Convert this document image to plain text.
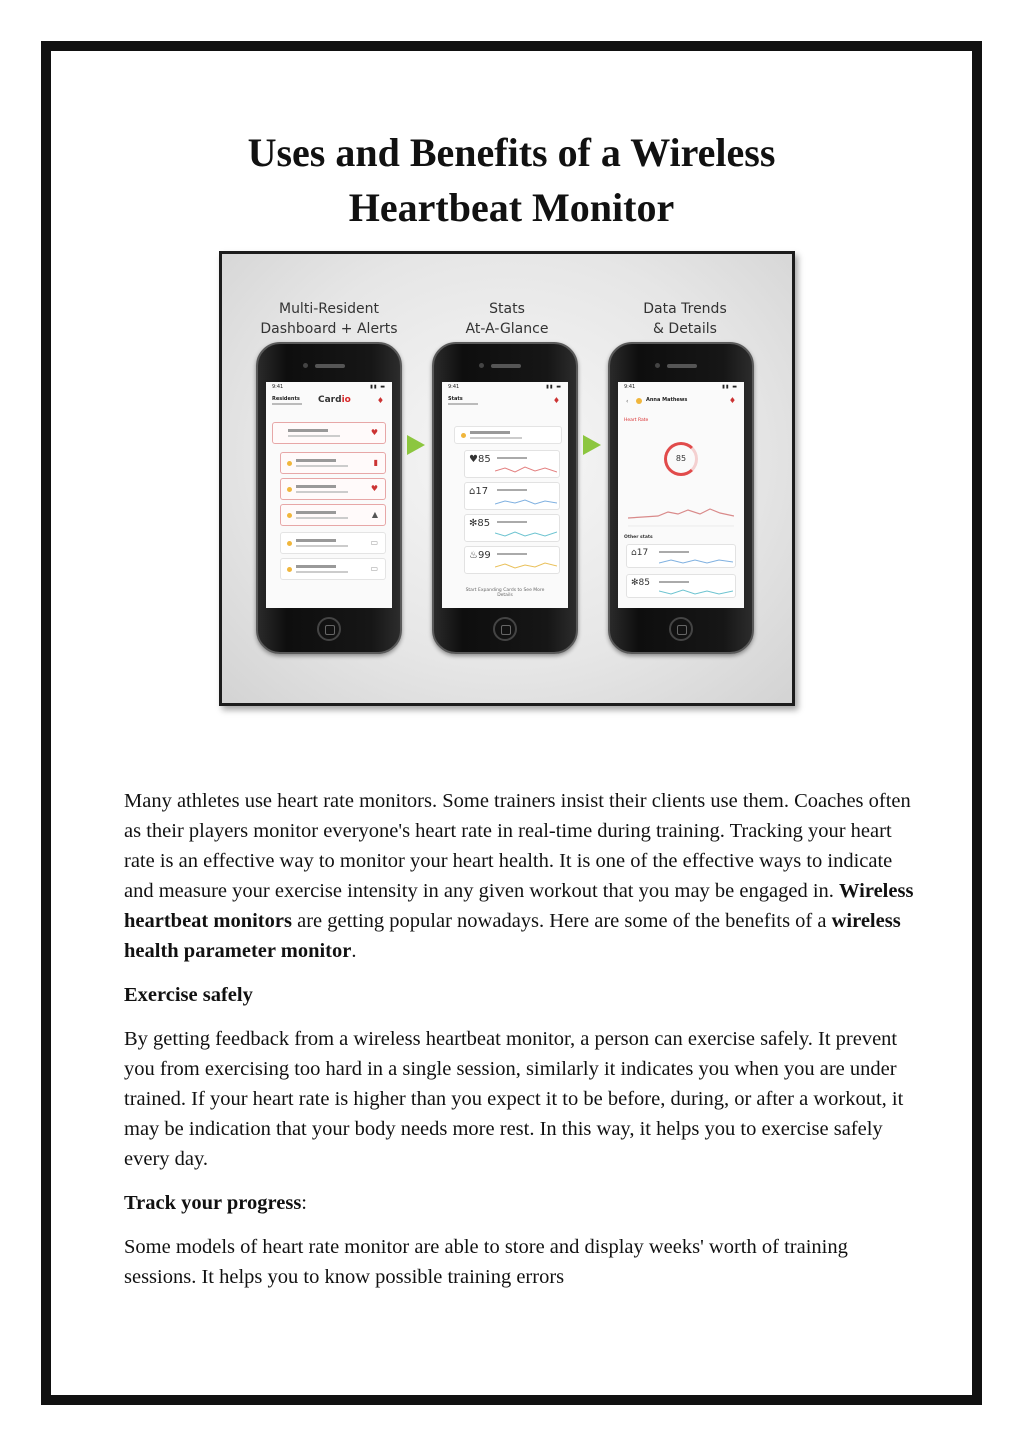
Uses and Benefits of a Wireless
Heartbeat Monitor
Multi-Resident
Dashboard + Alerts
Stats
At-A-Glance
Data Trends
& Details
9:41	▮▮ ▬
Residents Cardio	♦
♥
▮
♥
▲
▭
▭
9:41	▮▮ ▬
Stats	♦
♥85
⌂17
✻85
♨99
Start Expanding Cards to See More Details
9:41	▮▮ ▬
‹	Anna Mathews	♦
Heart Rate
85
Other stats
⌂17
✻85

Many athletes use heart rate monitors. Some trainers insist their clients use them. Coaches often as their players monitor everyone's heart rate in real-time during training. Tracking your heart rate is an effective way to monitor your heart health. It is one of the effective ways to indicate and measure your exercise intensity in any given workout that you may be engaged in. Wireless heartbeat monitors are getting popular nowadays. Here are some of the benefits of a wireless health parameter monitor.

Exercise safely

By getting feedback from a wireless heartbeat monitor, a person can exercise safely. It prevent you from exercising too hard in a single session, similarly it indicates you when you are under trained. If your heart rate is higher than you expect it to be before, during, or after a workout, it may be indication that your body needs more rest. In this way, it helps you to exercise safely every day.

Track your progress:

Some models of heart rate monitor are able to store and display weeks' worth of training sessions. It helps you to know possible training errors
